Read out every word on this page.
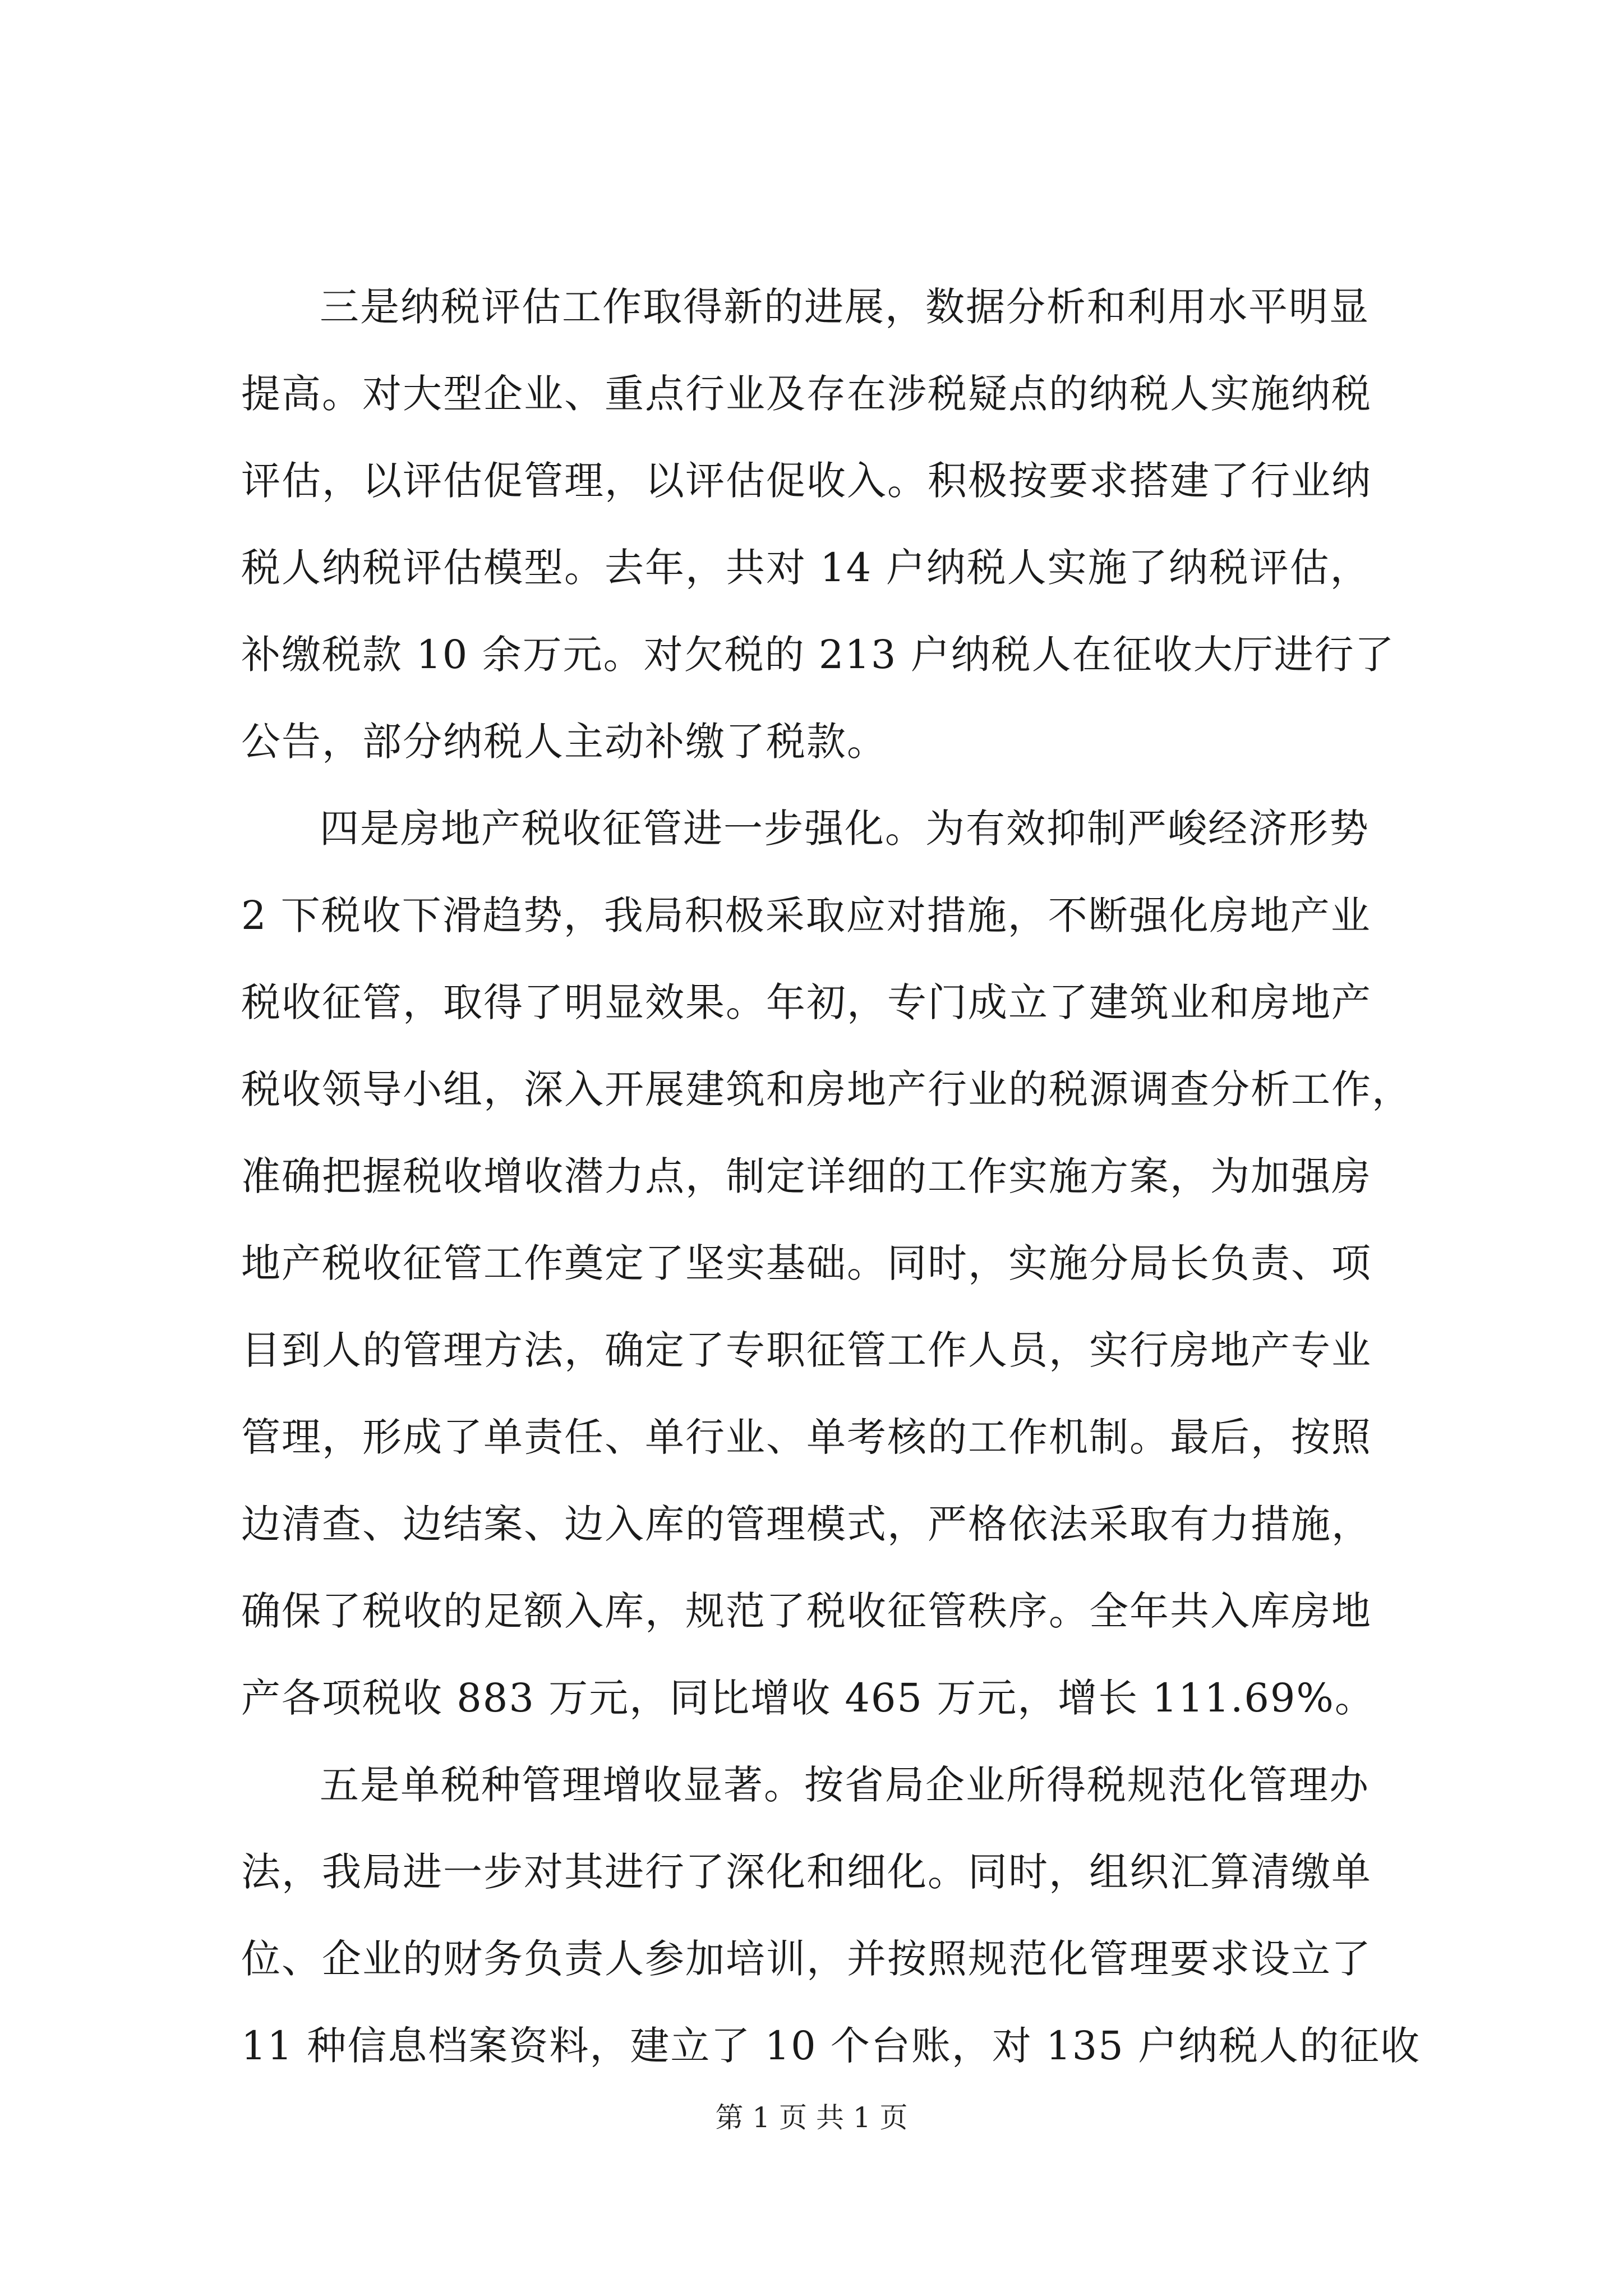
三是纳税评估工作取得新的进展，数据分析和利用水平明显
提高。对大型企业、重点行业及存在涉税疑点的纳税人实施纳税
评估，以评估促管理，以评估促收入。积极按要求搭建了行业纳
税人纳税评估模型。去年，共对 14 户纳税人实施了纳税评估，
补缴税款 10 余万元。对欠税的 213 户纳税人在征收大厅进行了
公告，部分纳税人主动补缴了税款。
四是房地产税收征管进一步强化。为有效抑制严峻经济形势
2 下税收下滑趋势，我局积极采取应对措施，不断强化房地产业
税收征管，取得了明显效果。年初，专门成立了建筑业和房地产
税收领导小组，深入开展建筑和房地产行业的税源调查分析工作，
准确把握税收增收潜力点，制定详细的工作实施方案，为加强房
地产税收征管工作奠定了坚实基础。同时，实施分局长负责、项
目到人的管理方法，确定了专职征管工作人员，实行房地产专业
管理，形成了单责任、单行业、单考核的工作机制。最后，按照
边清查、边结案、边入库的管理模式，严格依法采取有力措施，
确保了税收的足额入库，规范了税收征管秩序。全年共入库房地
产各项税收 883 万元，同比增收 465 万元，增长 111.69%。
五是单税种管理增收显著。按省局企业所得税规范化管理办
法，我局进一步对其进行了深化和细化。同时，组织汇算清缴单
位、企业的财务负责人参加培训，并按照规范化管理要求设立了
11 种信息档案资料，建立了 10 个台账，对 135 户纳税人的征收
第 1 页 共 1 页
